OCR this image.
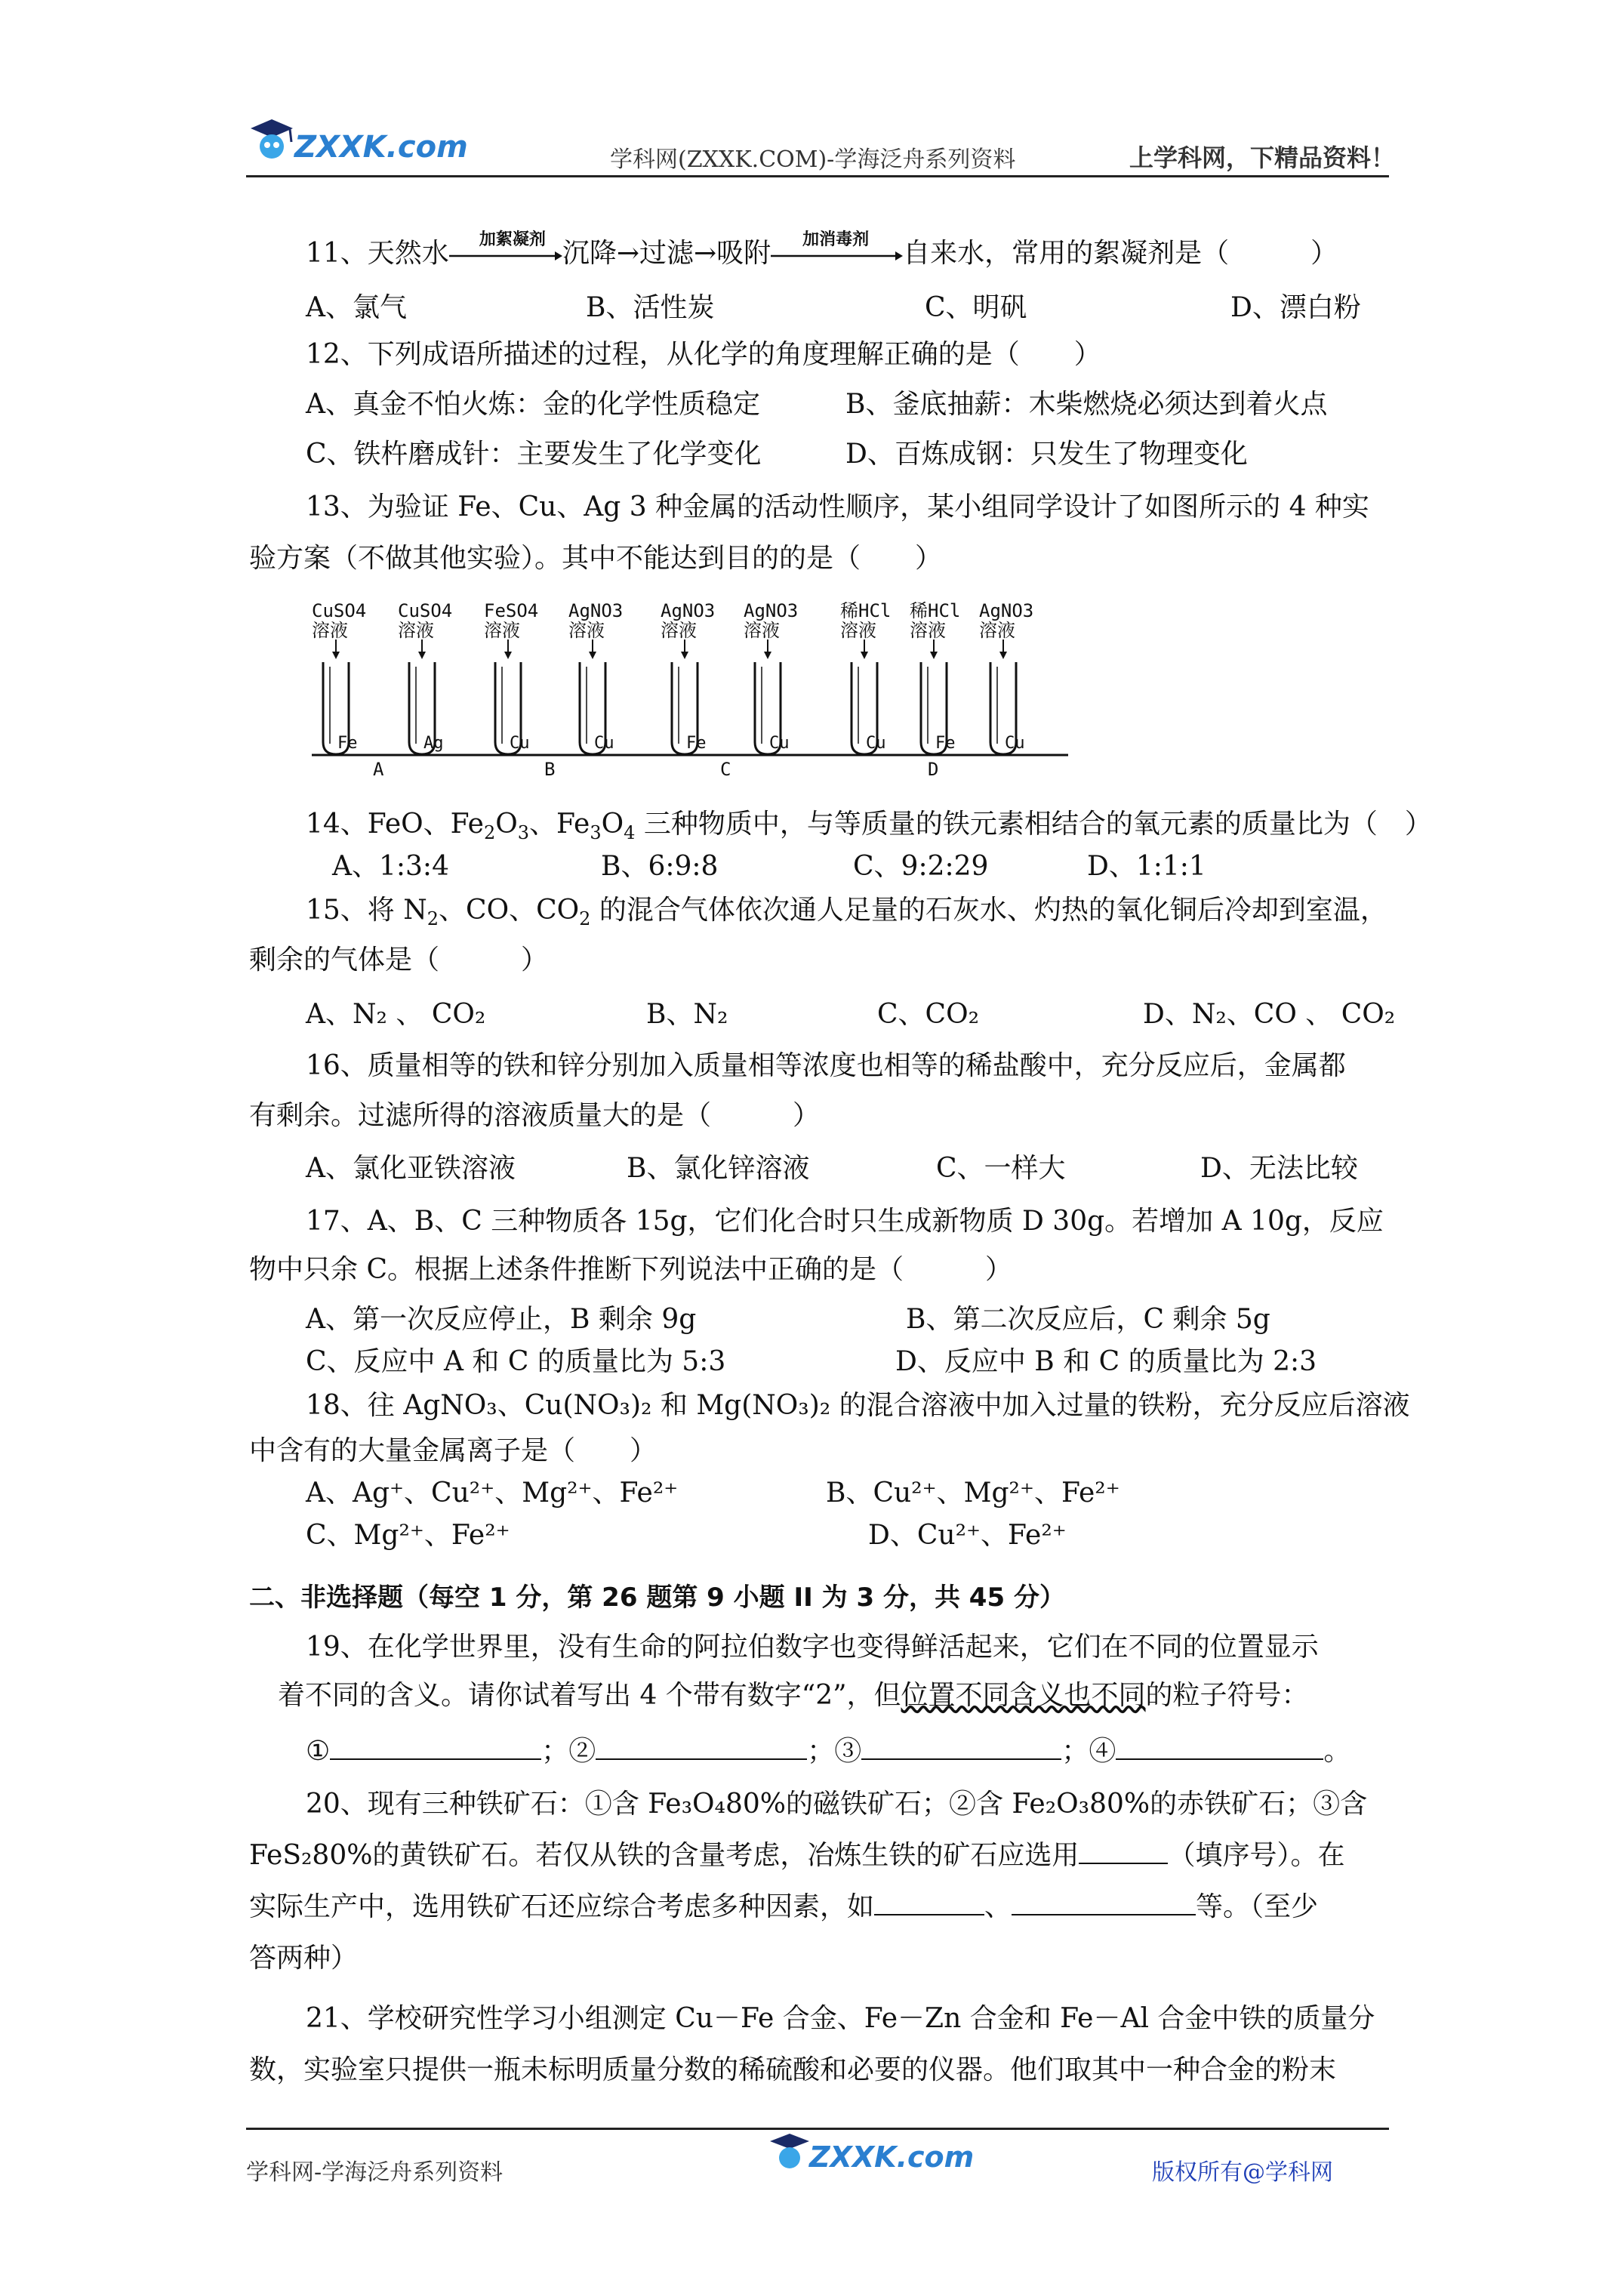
ZXXK.com	学科网(ZXXK.COM)-学海泛舟系列资料	上学科网，下精品资料！
11、天然水 加絮凝剂 沉降→过滤→吸附 加消毒剂 自来水，常用的絮凝剂是（　　　）
A、氯气	B、活性炭	C、明矾	D、漂白粉
12、下列成语所描述的过程，从化学的角度理解正确的是（　　）
A、真金不怕火炼：金的化学性质稳定	B、釜底抽薪：木柴燃烧必须达到着火点
C、铁杵磨成针：主要发生了化学变化	D、百炼成钢：只发生了物理变化
13、为验证 Fe、Cu、Ag 3 种金属的活动性顺序，某小组同学设计了如图所示的 4 种实
验方案（不做其他实验）。其中不能达到目的的是（　　）
CuSO4
溶液
Fe
CuSO4
溶液
Ag
A
FeSO4
溶液
Cu
AgNO3
溶液
Cu
B
AgNO3
溶液
Fe
AgNO3
溶液
Cu
C
稀HCl
溶液
Cu
稀HCl
溶液
Fe
AgNO3
溶液
Cu
D
14、FeO、$Fe_2O_3$、$Fe_3O_4$ 三种物质中，与等质量的铁元素相结合的氧元素的质量比为（　）
A、1:3:4	B、6:9:8	C、9:2:29	D、1:1:1
15、将 $N_2$、CO、$CO_2$ 的混合气体依次通人足量的石灰水、灼热的氧化铜后冷却到室温，
剩余的气体是（　　　）
A、N₂ 、 CO₂	B、N₂	C、CO₂	D、N₂、CO 、 CO₂
16、质量相等的铁和锌分别加入质量相等浓度也相等的稀盐酸中，充分反应后，金属都
有剩余。过滤所得的溶液质量大的是（　　　）
A、氯化亚铁溶液	B、氯化锌溶液	C、一样大	D、无法比较
17、A、B、C 三种物质各 15g，它们化合时只生成新物质 D 30g。若增加 A 10g，反应
物中只余 C。根据上述条件推断下列说法中正确的是（　　　）
A、第一次反应停止，B 剩余 9g	B、第二次反应后，C 剩余 5g
C、反应中 A 和 C 的质量比为 5:3	D、反应中 B 和 C 的质量比为 2:3
18、往 AgNO₃、Cu(NO₃)₂ 和 Mg(NO₃)₂ 的混合溶液中加入过量的铁粉，充分反应后溶液
中含有的大量金属离子是（　　）
A、Ag⁺、Cu²⁺、Mg²⁺、Fe²⁺	B、Cu²⁺、Mg²⁺、Fe²⁺
C、Mg²⁺、Fe²⁺	D、Cu²⁺、Fe²⁺
二、非选择题（每空 1 分，第 26 题第 9 小题 II 为 3 分，共 45 分）
19、在化学世界里，没有生命的阿拉伯数字也变得鲜活起来，它们在不同的位置显示
着不同的含义。请你试着写出 4 个带有数字“2”，但位置不同含义也不同的粒子符号：
①	；②	；③	；④	。
20、现有三种铁矿石：①含 Fe₃O₄80%的磁铁矿石；②含 Fe₂O₃80%的赤铁矿石；③含
FeS₂80%的黄铁矿石。若仅从铁的含量考虑，冶炼生铁的矿石应选用	（填序号）。在
实际生产中，选用铁矿石还应综合考虑多种因素，如	、	等。（至少
答两种）
21、学校研究性学习小组测定 Cu－Fe 合金、Fe－Zn 合金和 Fe－Al 合金中铁的质量分
数，实验室只提供一瓶未标明质量分数的稀硫酸和必要的仪器。他们取其中一种合金的粉末
学科网-学海泛舟系列资料	ZXXK.com	版权所有@学科网
